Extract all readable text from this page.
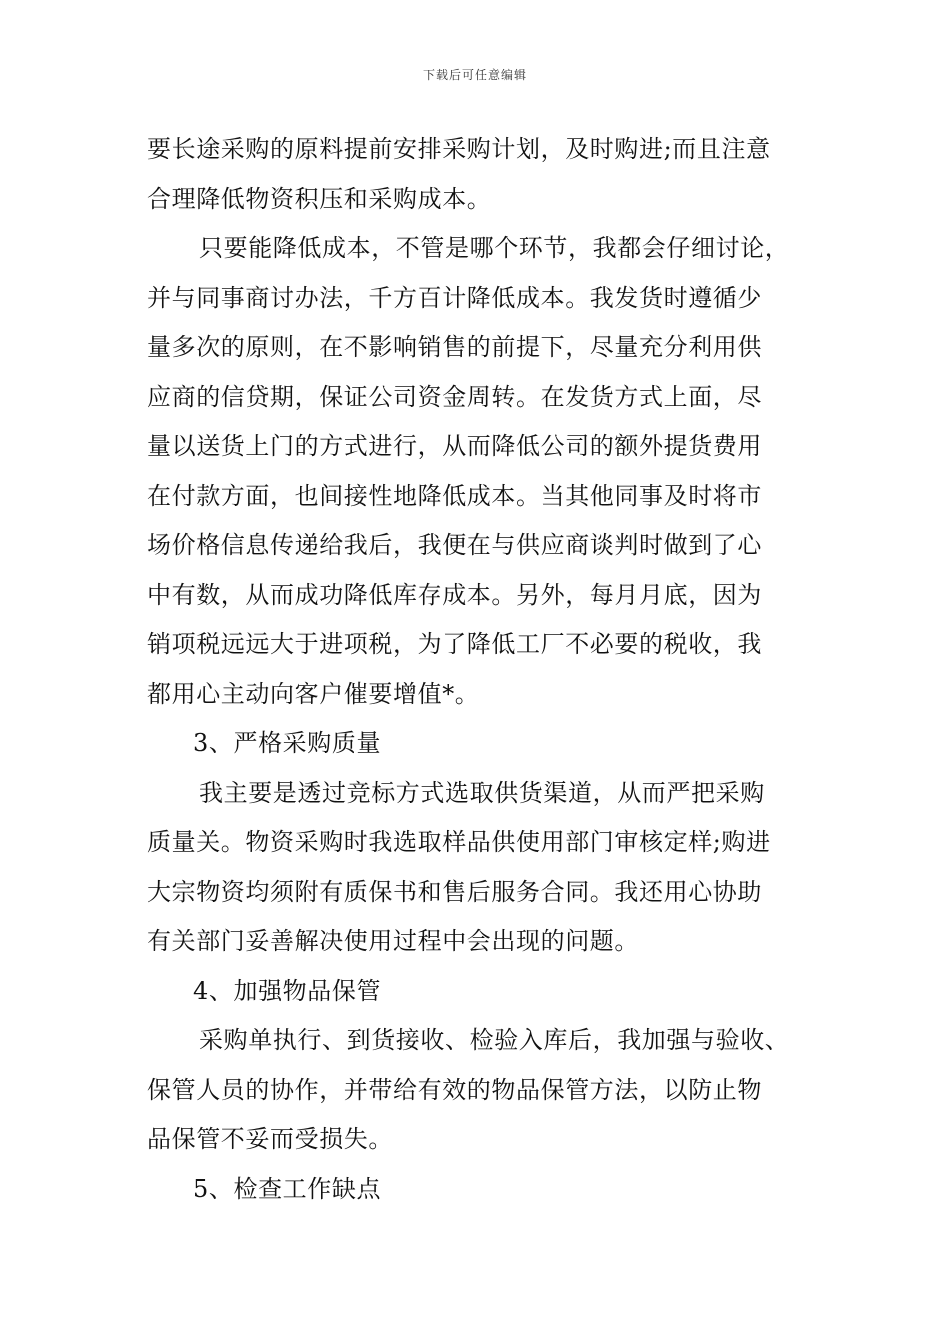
下载后可任意编辑
要长途采购的原料提前安排采购计划，及时购进;而且注意
合理降低物资积压和采购成本。
只要能降低成本，不管是哪个环节，我都会仔细讨论，
并与同事商讨办法，千方百计降低成本。我发货时遵循少
量多次的原则，在不影响销售的前提下，尽量充分利用供
应商的信贷期，保证公司资金周转。在发货方式上面，尽
量以送货上门的方式进行，从而降低公司的额外提货费用
在付款方面，也间接性地降低成本。当其他同事及时将市
场价格信息传递给我后，我便在与供应商谈判时做到了心
中有数，从而成功降低库存成本。另外，每月月底，因为
销项税远远大于进项税，为了降低工厂不必要的税收，我
都用心主动向客户催要增值*。
3、严格采购质量
我主要是透过竞标方式选取供货渠道，从而严把采购
质量关。物资采购时我选取样品供使用部门审核定样;购进
大宗物资均须附有质保书和售后服务合同。我还用心协助
有关部门妥善解决使用过程中会出现的问题。
4、加强物品保管
采购单执行、到货接收、检验入库后，我加强与验收、
保管人员的协作，并带给有效的物品保管方法，以防止物
品保管不妥而受损失。
5、检查工作缺点
